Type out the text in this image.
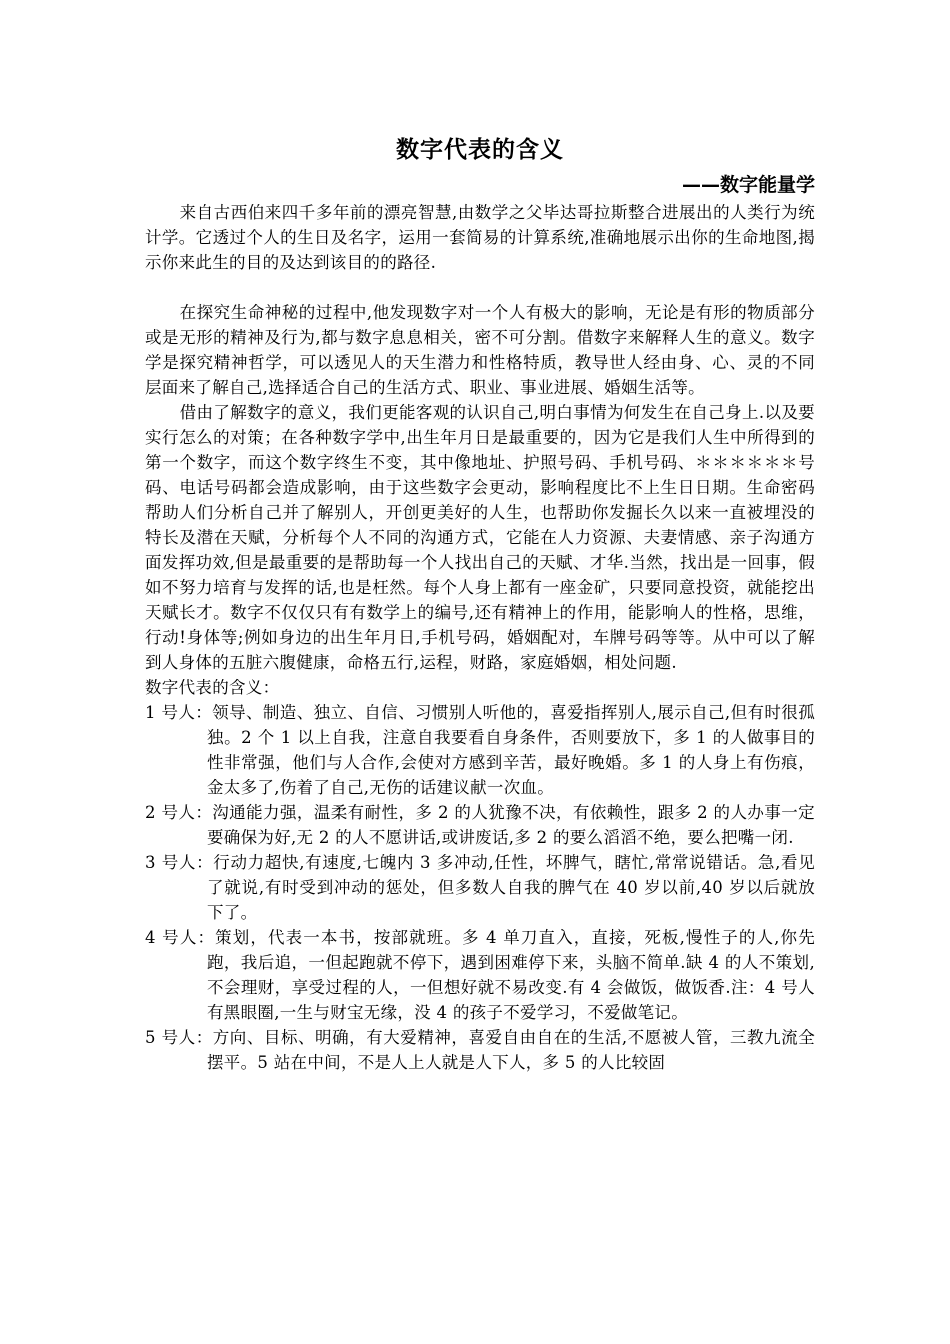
数字代表的含义

——数字能量学

来自古西伯来四千多年前的漂亮智慧,由数学之父毕达哥拉斯整合进展出的人类行为统计学。它透过个人的生日及名字，运用一套简易的计算系统,准确地展示出你的生命地图,揭示你来此生的目的及达到该目的的路径.

在探究生命神秘的过程中,他发现数字对一个人有极大的影响，无论是有形的物质部分或是无形的精神及行为,都与数字息息相关，密不可分割。借数字来解释人生的意义。数字学是探究精神哲学，可以透见人的天生潜力和性格特质，教导世人经由身、心、灵的不同层面来了解自己,选择适合自己的生活方式、职业、事业进展、婚姻生活等。

借由了解数字的意义，我们更能客观的认识自己,明白事情为何发生在自己身上.以及要实行怎么的对策；在各种数字学中,出生年月日是最重要的，因为它是我们人生中所得到的第一个数字，而这个数字终生不变，其中像地址、护照号码、手机号码、＊＊＊＊＊＊号码、电话号码都会造成影响，由于这些数字会更动，影响程度比不上生日日期。生命密码帮助人们分析自己并了解别人，开创更美好的人生，也帮助你发掘长久以来一直被埋没的特长及潜在天赋，分析每个人不同的沟通方式，它能在人力资源、夫妻情感、亲子沟通方面发挥功效,但是最重要的是帮助每一个人找出自己的天赋、才华.当然，找出是一回事，假如不努力培育与发挥的话,也是枉然。每个人身上都有一座金矿，只要同意投资，就能挖出天赋长才。数字不仅仅只有有数学上的编号,还有精神上的作用，能影响人的性格，思维，行动!身体等;例如身边的出生年月日,手机号码，婚姻配对，车牌号码等等。从中可以了解到人身体的五脏六腹健康，命格五行,运程，财路，家庭婚姻，相处问题.

数字代表的含义：

1 号人：领导、制造、独立、自信、习惯别人听他的，喜爱指挥别人,展示自己,但有时很孤独。2 个 1 以上自我，注意自我要看自身条件，否则要放下，多 1 的人做事目的性非常强，他们与人合作,会使对方感到辛苦，最好晚婚。多 1 的人身上有伤痕，金太多了,伤着了自己,无伤的话建议献一次血。

2 号人：沟通能力强，温柔有耐性，多 2 的人犹豫不决，有依赖性，跟多 2 的人办事一定要确保为好,无 2 的人不愿讲话,或讲废话,多 2 的要么滔滔不绝，要么把嘴一闭.

3 号人：行动力超快,有速度,七魄内 3 多冲动,任性，坏脾气，瞎忙,常常说错话。急,看见了就说,有时受到冲动的惩处，但多数人自我的脾气在 40 岁以前,40 岁以后就放下了。

4 号人：策划，代表一本书，按部就班。多 4 单刀直入，直接，死板,慢性子的人,你先跑，我后追，一但起跑就不停下，遇到困难停下来，头脑不简单.缺 4 的人不策划,不会理财，享受过程的人，一但想好就不易改变.有 4 会做饭，做饭香.注：4 号人有黑眼圈,一生与财宝无缘，没 4 的孩子不爱学习，不爱做笔记。

5 号人：方向、目标、明确，有大爱精神，喜爱自由自在的生活,不愿被人管，三教九流全摆平。5 站在中间，不是人上人就是人下人，多 5 的人比较固
